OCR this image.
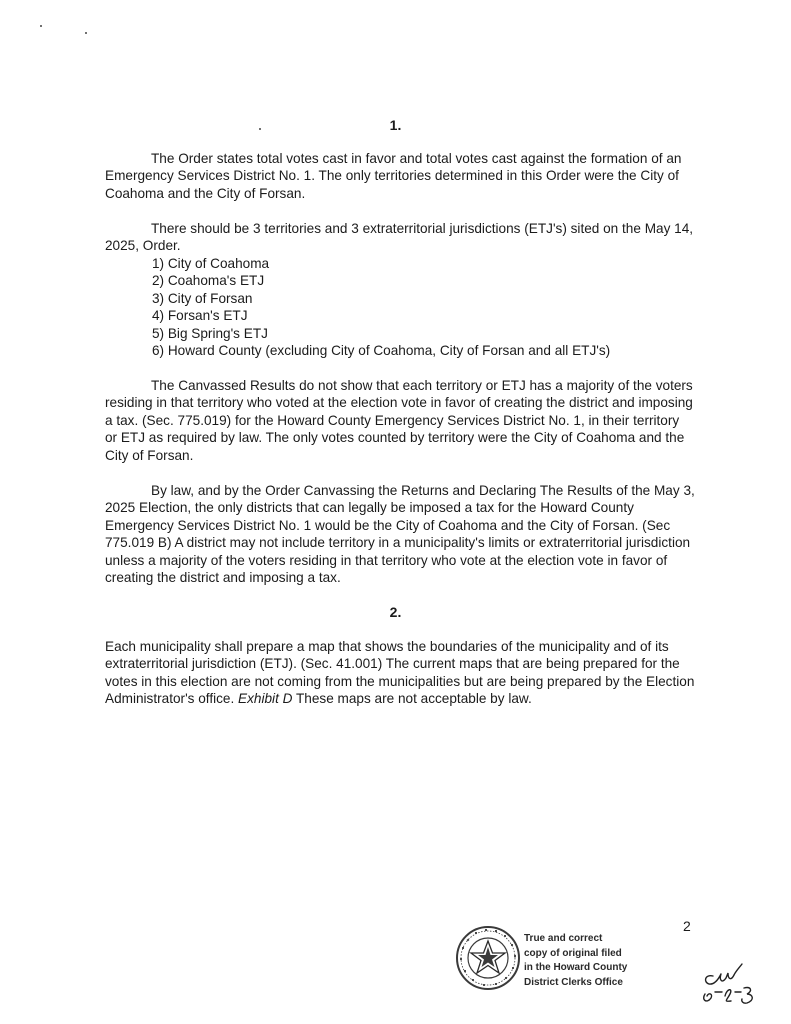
1.

The Order states total votes cast in favor and total votes cast against the formation of an Emergency Services District No. 1. The only territories determined in this Order were the City of Coahoma and the City of Forsan.

There should be 3 territories and 3 extraterritorial jurisdictions (ETJ's) sited on the May 14, 2025, Order.

1) City of Coahoma
2) Coahoma's ETJ
3) City of Forsan
4) Forsan's ETJ
5) Big Spring's ETJ
6) Howard County (excluding City of Coahoma, City of Forsan and all ETJ's)

The Canvassed Results do not show that each territory or ETJ has a majority of the voters residing in that territory who voted at the election vote in favor of creating the district and imposing a tax. (Sec. 775.019) for the Howard County Emergency Services District No. 1, in their territory or ETJ as required by law. The only votes counted by territory were the City of Coahoma and the City of Forsan.

By law, and by the Order Canvassing the Returns and Declaring The Results of the May 3, 2025 Election, the only districts that can legally be imposed a tax for the Howard County Emergency Services District No. 1 would be the City of Coahoma and the City of Forsan. (Sec 775.019 B) A district may not include territory in a municipality's limits or extraterritorial jurisdiction unless a majority of the voters residing in that territory who vote at the election vote in favor of creating the district and imposing a tax.

2.

Each municipality shall prepare a map that shows the boundaries of the municipality and of its extraterritorial jurisdiction (ETJ). (Sec. 41.001) The current maps that are being prepared for the votes in this election are not coming from the municipalities but are being prepared by the Election Administrator's office. Exhibit D These maps are not acceptable by law.

2
True and correct
copy of original filed
in the Howard County
District Clerks Office
